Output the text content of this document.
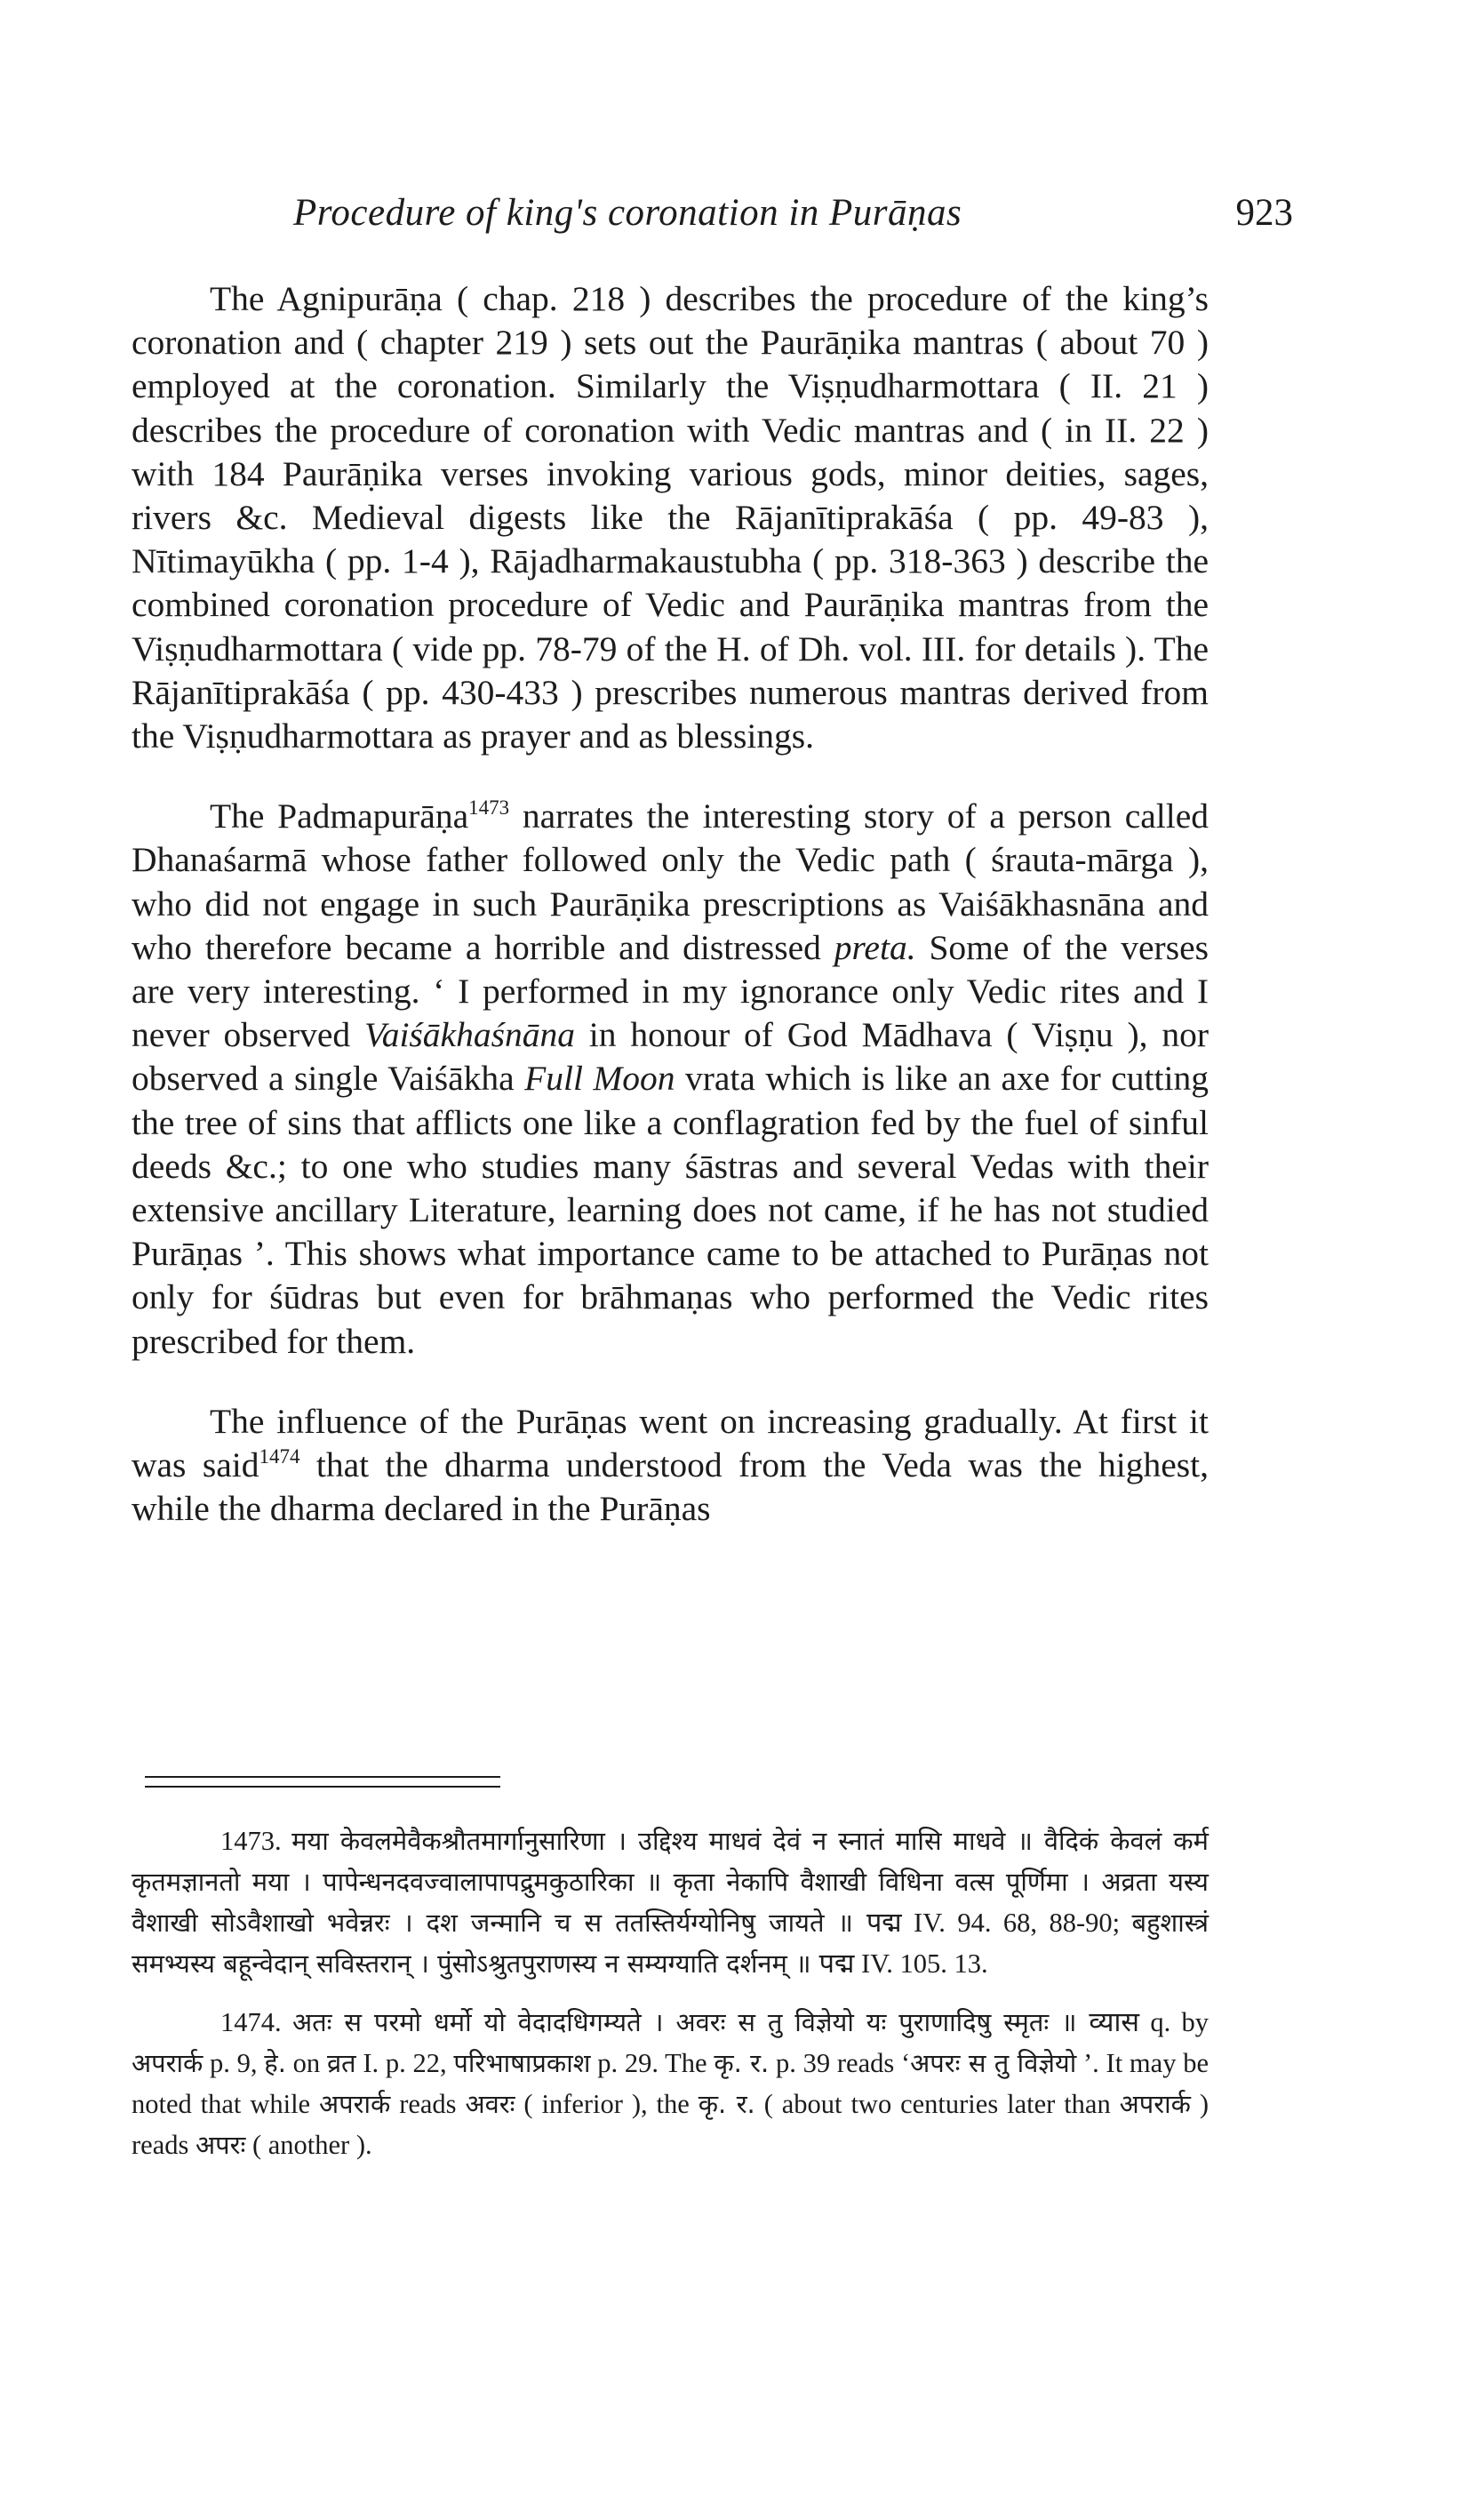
Procedure of king's coronation in Purāṇas	923

The Agnipurāṇa ( chap. 218 ) describes the procedure of the king’s coronation and ( chapter 219 ) sets out the Paurāṇika mantras ( about 70 ) employed at the coronation. Similarly the Viṣṇudharmottara ( II. 21 ) describes the procedure of coronation with Vedic mantras and ( in II. 22 ) with 184 Paurāṇika verses invoking various gods, minor deities, sages, rivers &c. Medieval digests like the Rājanītiprakāśa ( pp. 49-83 ), Nītimayūkha ( pp. 1-4 ), Rājadharmakaustubha ( pp. 318-363 ) describe the combined coronation procedure of Vedic and Paurāṇika mantras from the Viṣṇudharmottara ( vide pp. 78-79 of the H. of Dh. vol. III. for details ). The Rājanītiprakāśa ( pp. 430-433 ) prescribes numerous mantras derived from the Viṣṇudharmottara as prayer and as blessings.

The Padmapurāṇa$^{1473}$ narrates the interesting story of a person called Dhanaśarmā whose father followed only the Vedic path ( śrauta-mārga ), who did not engage in such Paurāṇika prescriptions as Vaiśākhasnāna and who therefore became a horrible and distressed preta. Some of the verses are very interesting. ‘ I performed in my ignorance only Vedic rites and I never observed Vaiśākhaśnāna in honour of God Mādhava ( Viṣṇu ), nor observed a single Vaiśākha Full Moon vrata which is like an axe for cutting the tree of sins that afflicts one like a conflagration fed by the fuel of sinful deeds &c.; to one who studies many śāstras and several Vedas with their extensive ancillary Literature, learning does not came, if he has not studied Purāṇas ’. This shows what importance came to be attached to Purāṇas not only for śūdras but even for brāhmaṇas who performed the Vedic rites prescribed for them.

The influence of the Purāṇas went on increasing gradually. At first it was said$^{1474}$ that the dharma understood from the Veda was the highest, while the dharma declared in the Purāṇas

1473. मया केवलमेवैकश्रौतमार्गानुसारिणा । उद्दिश्य माधवं देवं न स्नातं मासि माधवे ॥ वैदिकं केवलं कर्म कृतमज्ञानतो मया । पापेन्धनदवज्वालापापद्रुमकुठारिका ॥ कृता नेकापि वैशाखी विधिना वत्स पूर्णिमा । अव्रता यस्य वैशाखी सोऽवैशाखो भवेन्नरः । दश जन्मानि च स ततस्तिर्यग्योनिषु जायते ॥ पद्म IV. 94. 68, 88-90; बहुशास्त्रं समभ्यस्य बहून्वेदान् सविस्तरान् । पुंसोऽश्रुतपुराणस्य न सम्यग्याति दर्शनम् ॥ पद्म IV. 105. 13.

1474. अतः स परमो धर्मो यो वेदादधिगम्यते । अवरः स तु विज्ञेयो यः पुराणादिषु स्मृतः ॥ व्यास q. by अपरार्क p. 9, हे. on व्रत I. p. 22, परिभाषाप्रकाश p. 29. The कृ. र. p. 39 reads ‘अपरः स तु विज्ञेयो ’. It may be noted that while अपरार्क reads अवरः ( inferior ), the कृ. र. ( about two centuries later than अपरार्क ) reads अपरः ( another ).
